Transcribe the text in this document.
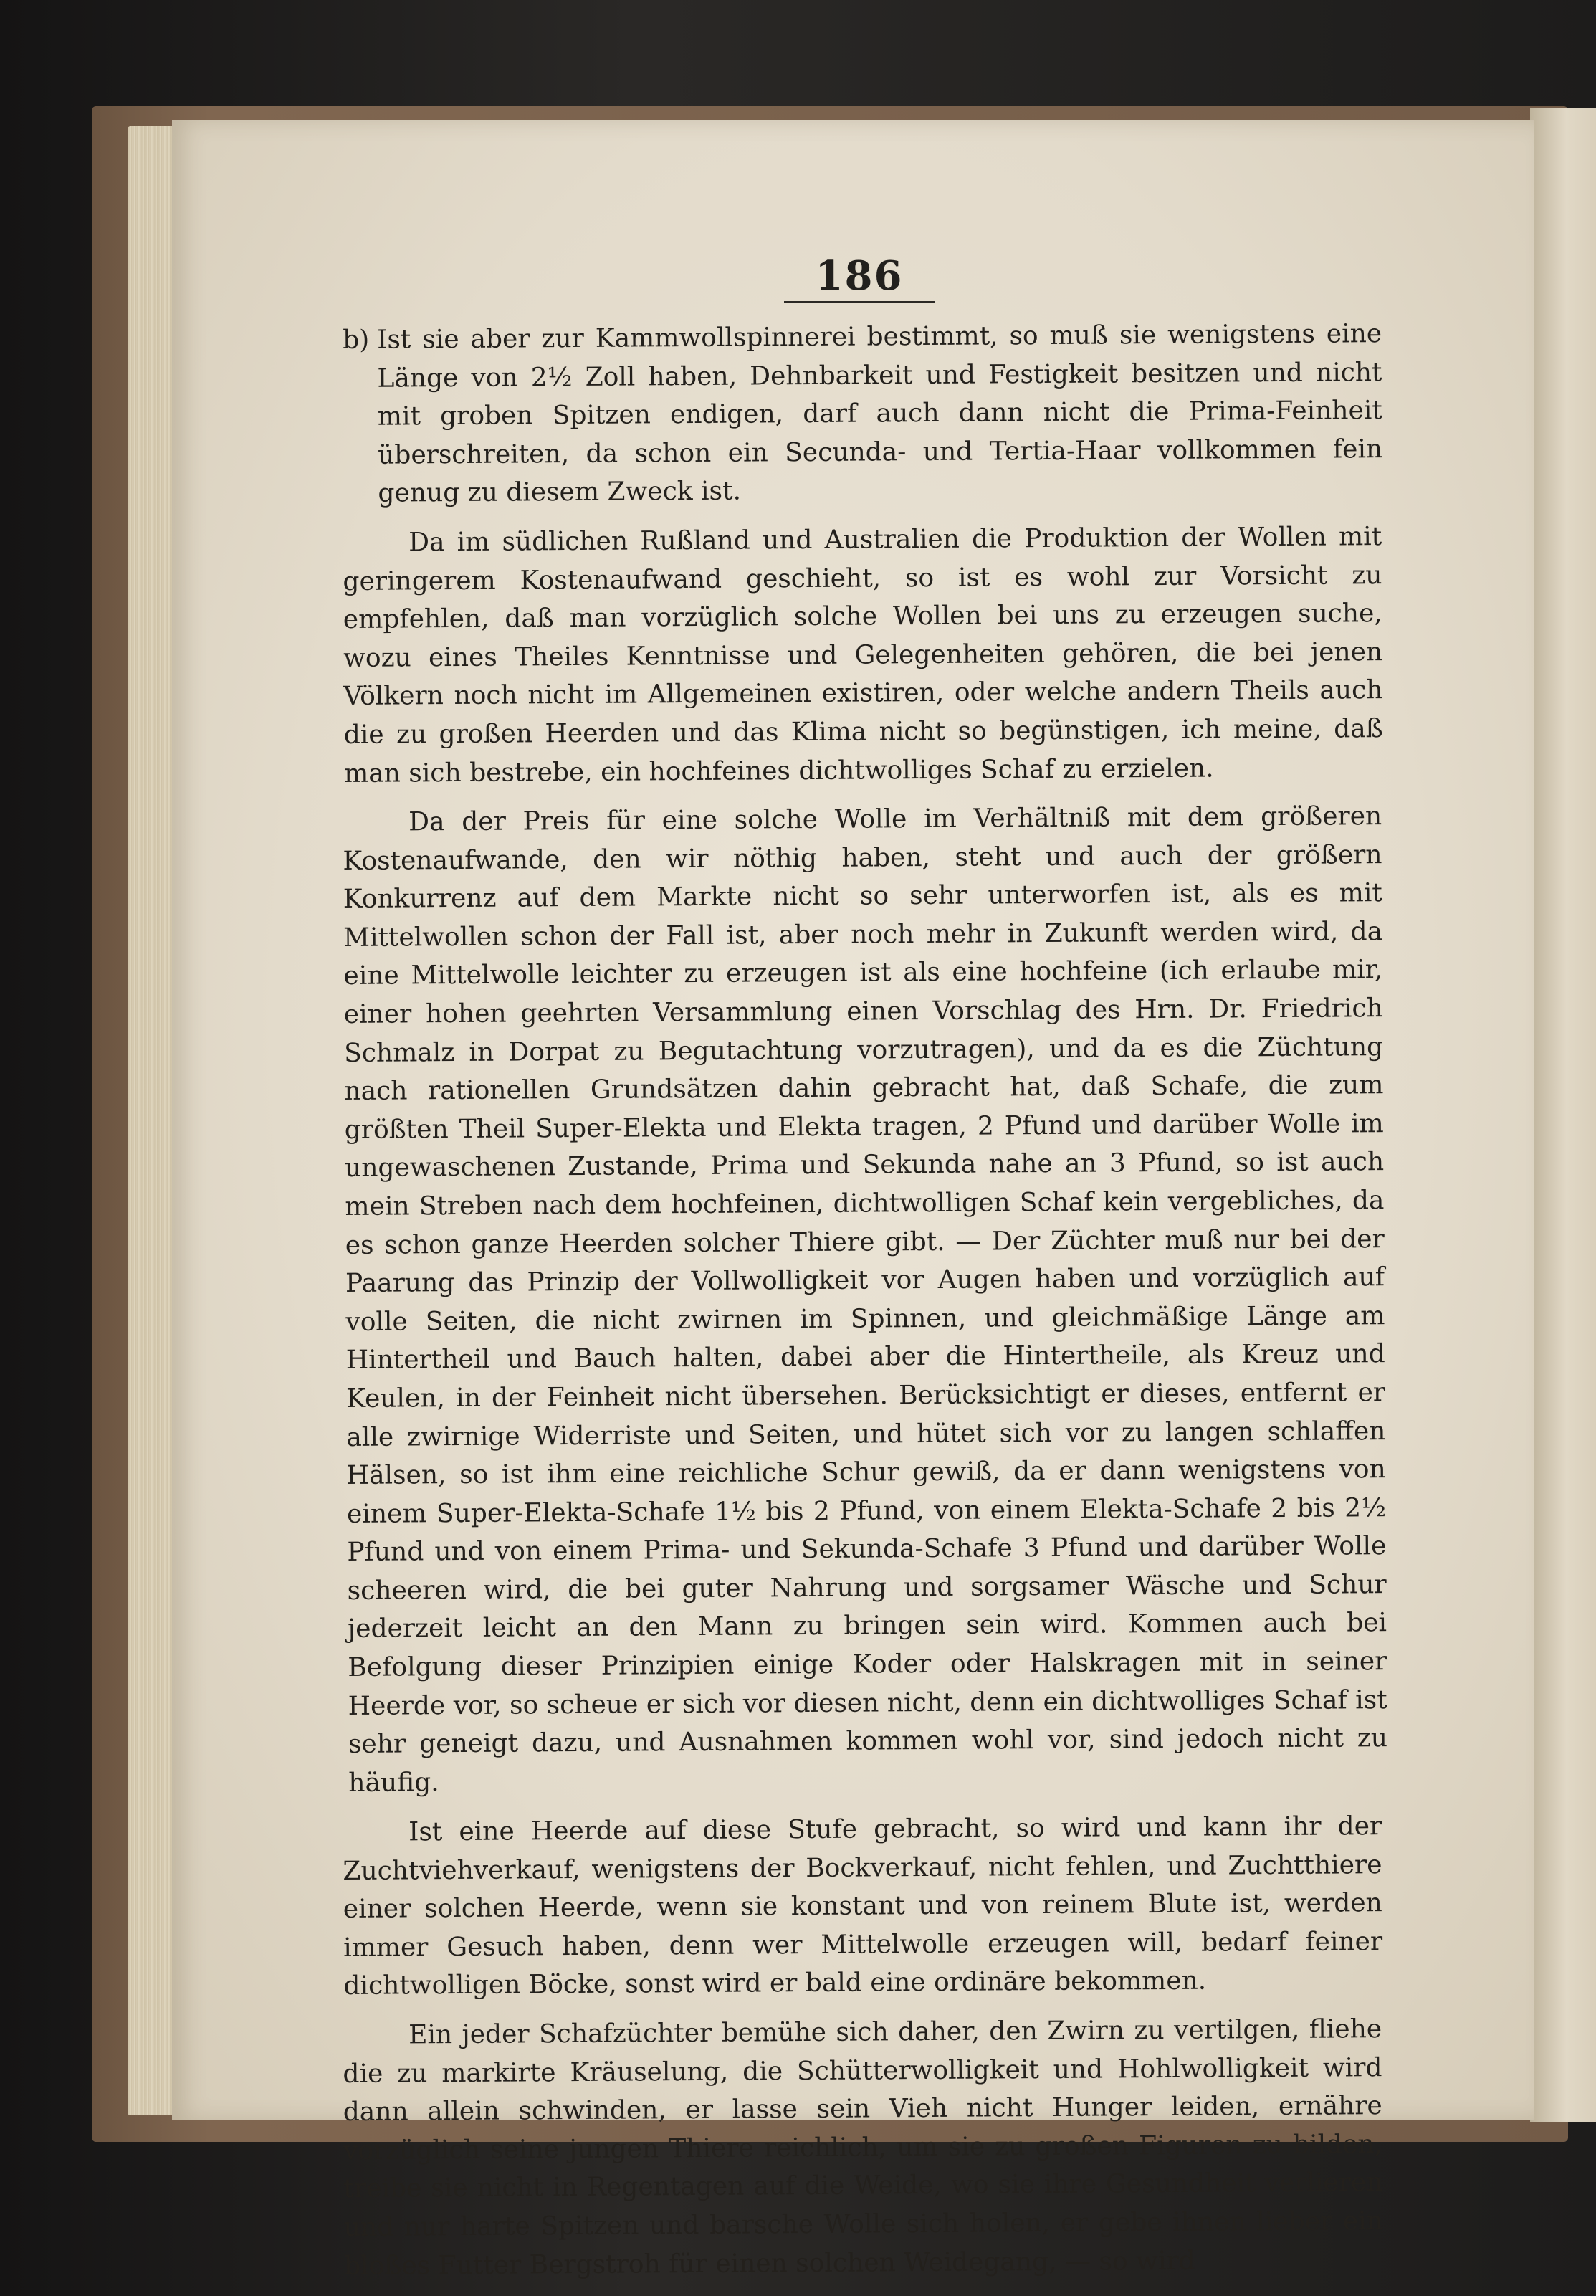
186

b) Ist sie aber zur Kammwollspinnerei bestimmt, so muß sie wenigstens eine Länge von 2½ Zoll haben, Dehnbarkeit und Festigkeit besitzen und nicht mit groben Spitzen endigen, darf auch dann nicht die Prima-Feinheit überschreiten, da schon ein Secunda- und Tertia-Haar vollkommen fein genug zu diesem Zweck ist.

Da im südlichen Rußland und Australien die Produktion der Wollen mit geringerem Kostenaufwand geschieht, so ist es wohl zur Vorsicht zu empfehlen, daß man vorzüglich solche Wollen bei uns zu erzeugen suche, wozu eines Theiles Kenntnisse und Gelegenheiten gehören, die bei jenen Völkern noch nicht im Allgemeinen existiren, oder welche andern Theils auch die zu großen Heerden und das Klima nicht so begünstigen, ich meine, daß man sich bestrebe, ein hochfeines dichtwolliges Schaf zu erzielen.

Da der Preis für eine solche Wolle im Verhältniß mit dem größeren Kostenaufwande, den wir nöthig haben, steht und auch der größern Konkurrenz auf dem Markte nicht so sehr unterworfen ist, als es mit Mittelwollen schon der Fall ist, aber noch mehr in Zukunft werden wird, da eine Mittelwolle leichter zu erzeugen ist als eine hochfeine (ich erlaube mir, einer hohen geehrten Versammlung einen Vorschlag des Hrn. Dr. Friedrich Schmalz in Dorpat zu Begutachtung vorzutragen), und da es die Züchtung nach rationellen Grundsätzen dahin gebracht hat, daß Schafe, die zum größten Theil Super-Elekta und Elekta tragen, 2 Pfund und darüber Wolle im ungewaschenen Zustande, Prima und Sekunda nahe an 3 Pfund, so ist auch mein Streben nach dem hochfeinen, dichtwolligen Schaf kein vergebliches, da es schon ganze Heerden solcher Thiere gibt. — Der Züchter muß nur bei der Paarung das Prinzip der Vollwolligkeit vor Augen haben und vorzüglich auf volle Seiten, die nicht zwirnen im Spinnen, und gleichmäßige Länge am Hintertheil und Bauch halten, dabei aber die Hintertheile, als Kreuz und Keulen, in der Feinheit nicht übersehen. Berücksichtigt er dieses, entfernt er alle zwirnige Widerriste und Seiten, und hütet sich vor zu langen schlaffen Hälsen, so ist ihm eine reichliche Schur gewiß, da er dann wenigstens von einem Super-Elekta-Schafe 1½ bis 2 Pfund, von einem Elekta-Schafe 2 bis 2½ Pfund und von einem Prima- und Sekunda-Schafe 3 Pfund und darüber Wolle scheeren wird, die bei guter Nahrung und sorgsamer Wäsche und Schur jederzeit leicht an den Mann zu bringen sein wird. Kommen auch bei Befolgung dieser Prinzipien einige Koder oder Halskragen mit in seiner Heerde vor, so scheue er sich vor diesen nicht, denn ein dichtwolliges Schaf ist sehr geneigt dazu, und Ausnahmen kommen wohl vor, sind jedoch nicht zu häufig.

Ist eine Heerde auf diese Stufe gebracht, so wird und kann ihr der Zuchtviehverkauf, wenigstens der Bockverkauf, nicht fehlen, und Zuchtthiere einer solchen Heerde, wenn sie konstant und von reinem Blute ist, werden immer Gesuch haben, denn wer Mittelwolle erzeugen will, bedarf feiner dichtwolligen Böcke, sonst wird er bald eine ordinäre bekommen.

Ein jeder Schafzüchter bemühe sich daher, den Zwirn zu vertilgen, fliehe die zu markirte Kräuselung, die Schütterwolligkeit und Hohlwolligkeit wird dann allein schwinden, er lasse sein Vieh nicht Hunger leiden, ernähre vorzüglich seine jungen Thiere reichlich, um sie zu großen Figuren zu bilden, treibe sie nicht in Regentagen auf die Weide, wo sie ihre Gesundheit verlieren und nur harte Spitzen und barsche Wolle sich holen, er gebe ihnen lieber ein bloßes Futter Bergstroh für einen solchen Weidegang, — so wird
